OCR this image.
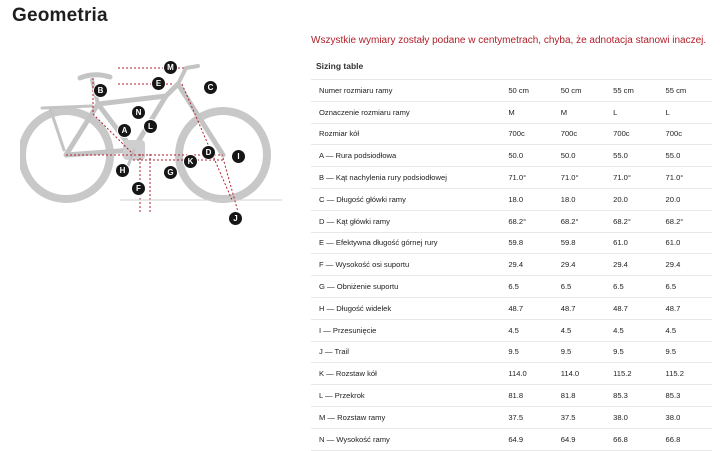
Geometria
A
B	C
D
E
F
G
H
I
J
K
L
M
N
Wszystkie wymiary zostały podane w centymetrach, chyba, że adnotacja stanowi inaczej.
Sizing table
Numer rozmiaru ramy	50 cm	50 cm	55 cm	55 cm
Oznaczenie rozmiaru ramy	M	M	L	L
Rozmiar kół	700c	700c	700c	700c
A — Rura podsiodłowa	50.0	50.0	55.0	55.0
B — Kąt nachylenia rury podsiodłowej	71.0°	71.0°	71.0°	71.0°
C — Długość główki ramy	18.0	18.0	20.0	20.0
D — Kąt główki ramy	68.2°	68.2°	68.2°	68.2°
E — Efektywna długość górnej rury	59.8	59.8	61.0	61.0
F — Wysokość osi suportu	29.4	29.4	29.4	29.4
G — Obniżenie suportu	6.5	6.5	6.5	6.5
H — Długość widelek	48.7	48.7	48.7	48.7
I — Przesunięcie	4.5	4.5	4.5	4.5
J — Trail	9.5	9.5	9.5	9.5
K — Rozstaw kół	114.0	114.0	115.2	115.2
L — Przekrok	81.8	81.8	85.3	85.3
M — Rozstaw ramy	37.5	37.5	38.0	38.0
N — Wysokość ramy	64.9	64.9	66.8	66.8
